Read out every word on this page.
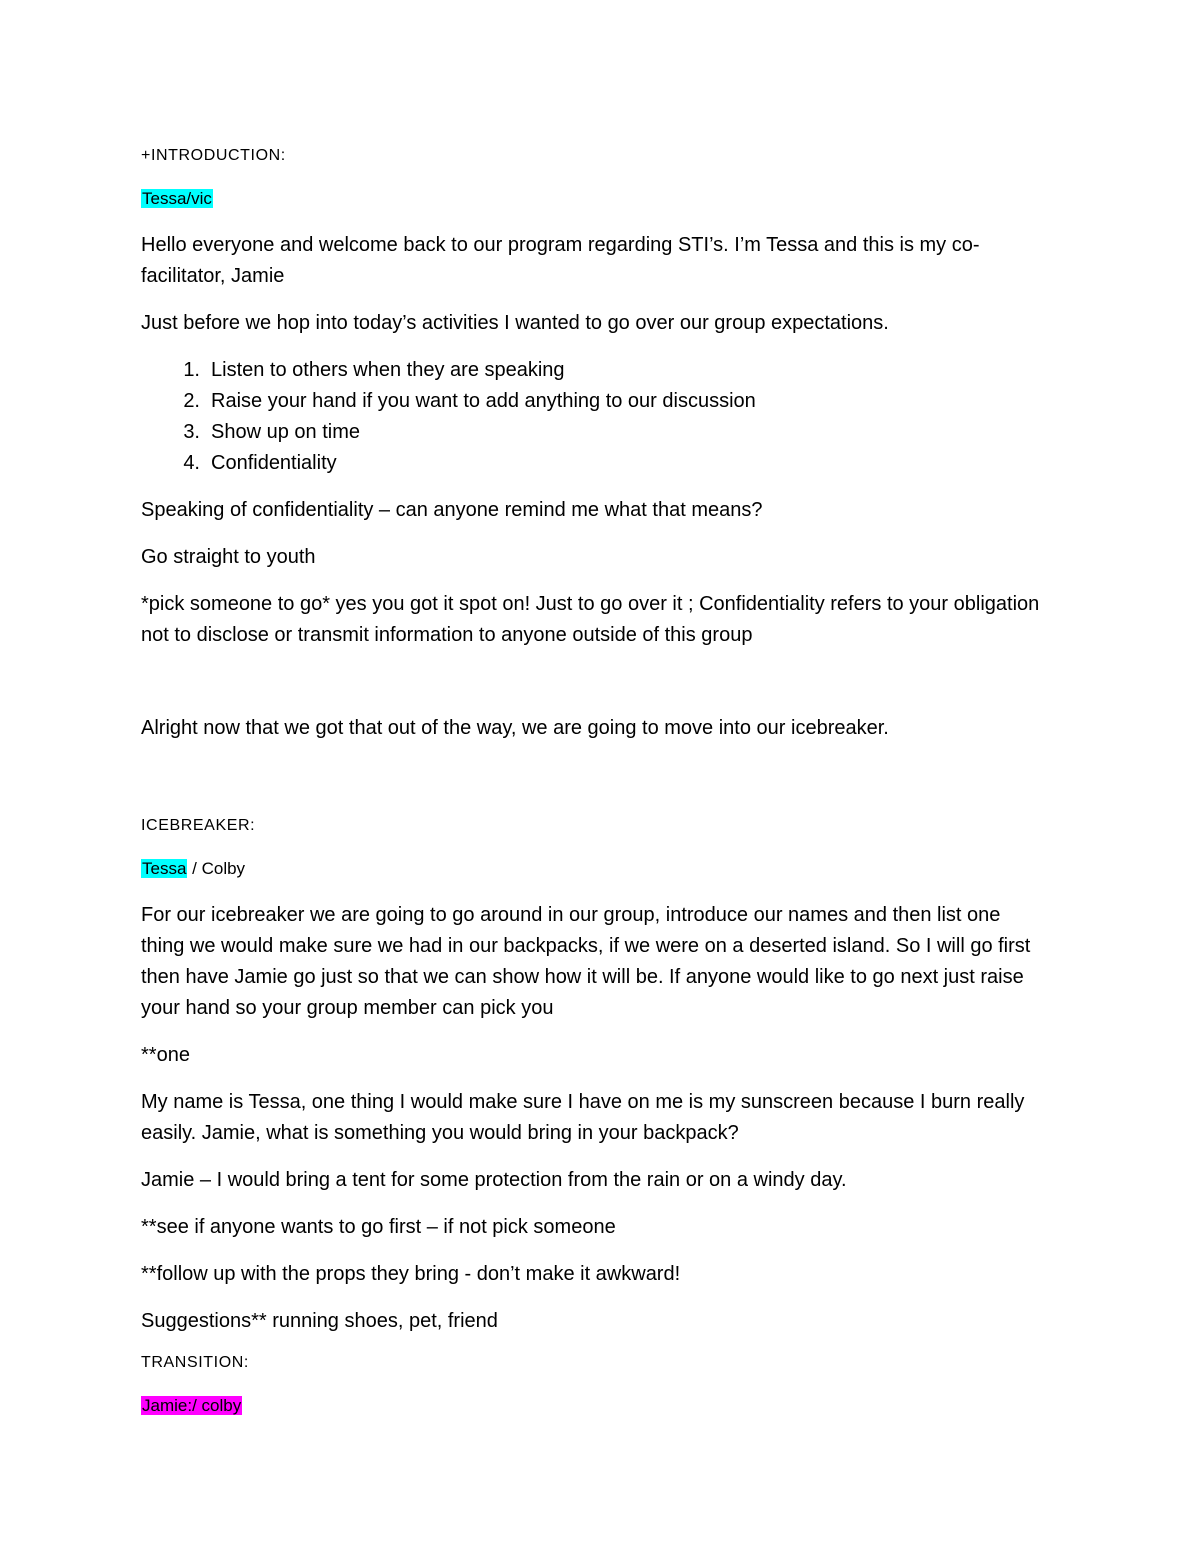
+INTRODUCTION:
Tessa/vic

Hello everyone and welcome back to our program regarding STI’s. I’m Tessa and this is my co-facilitator, Jamie

Just before we hop into today’s activities I wanted to go over our group expectations.

1. Listen to others when they are speaking
2. Raise your hand if you want to add anything to our discussion
3. Show up on time
4. Confidentiality

Speaking of confidentiality – can anyone remind me what that means?

Go straight to youth

*pick someone to go* yes you got it spot on! Just to go over it ; Confidentiality refers to your obligation not to disclose or transmit information to anyone outside of this group

Alright now that we got that out of the way, we are going to move into our icebreaker.

ICEBREAKER:
Tessa / Colby

For our icebreaker we are going to go around in our group, introduce our names and then list one thing we would make sure we had in our backpacks, if we were on a deserted island. So I will go first then have Jamie go just so that we can show how it will be. If anyone would like to go next just raise your hand so your group member can pick you

**one

My name is Tessa, one thing I would make sure I have on me is my sunscreen because I burn really easily. Jamie, what is something you would bring in your backpack?

Jamie – I would bring a tent for some protection from the rain or on a windy day.

**see if anyone wants to go first – if not pick someone

**follow up with the props they bring - don’t make it awkward!

Suggestions** running shoes, pet, friend

TRANSITION:
Jamie:/ colby
